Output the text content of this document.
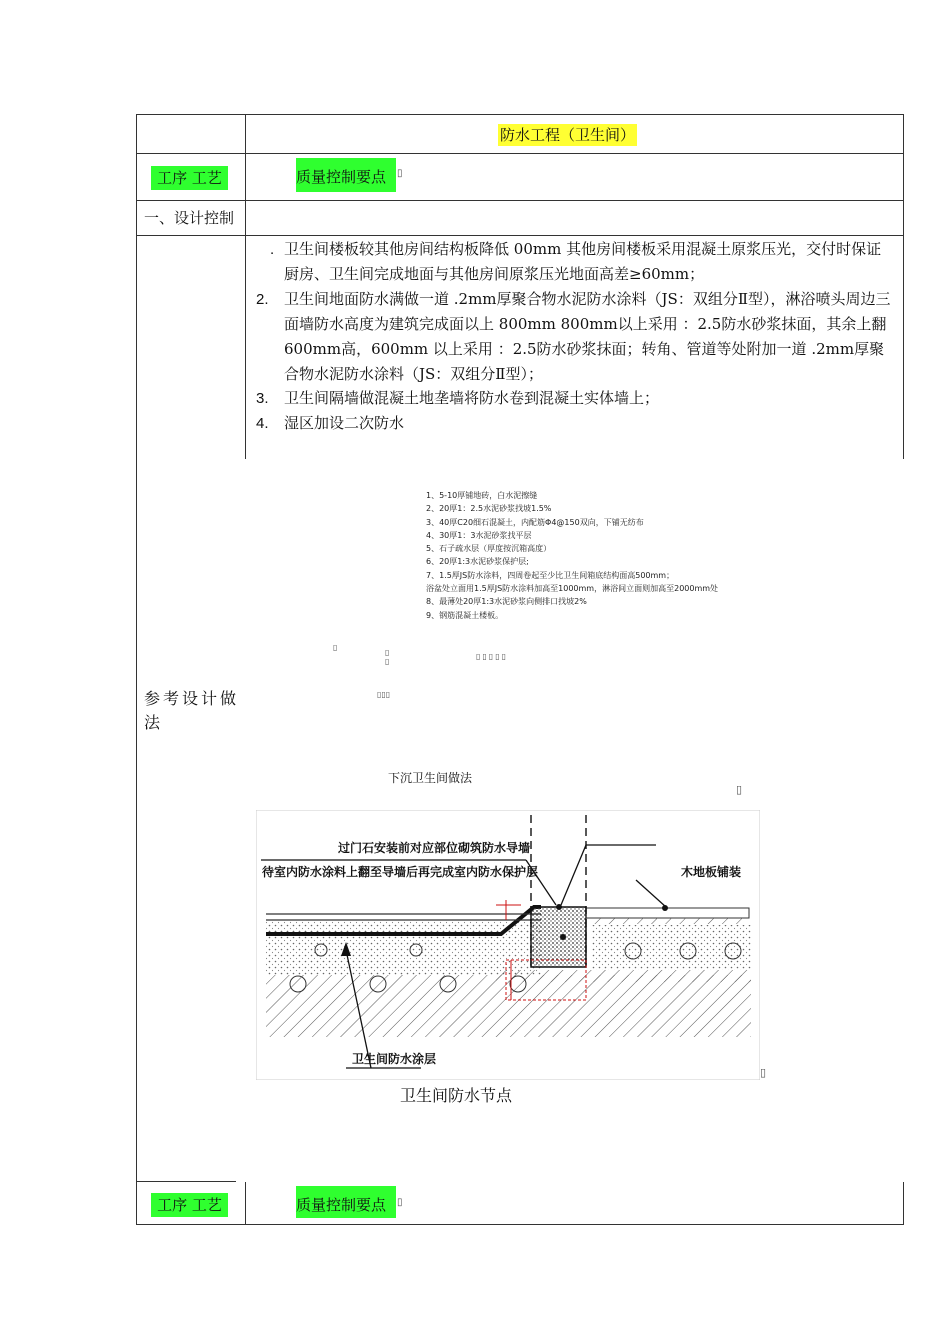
防水工程（卫生间）
工序 工艺	质量控制要点	▯
一、设计控制
. 卫生间楼板较其他房间结构板降低 00mm 其他房间楼板采用混凝土原浆压光，交付时保证厨房、卫生间完成地面与其他房间原浆压光地面高差≥60mm；
2. 卫生间地面防水满做一道 .2mm厚聚合物水泥防水涂料（JS：双组分Ⅱ型），淋浴喷头周边三面墙防水高度为建筑完成面以上 800mm 800mm以上采用 ：2.5防水砂浆抹面，其余上翻600mm高，600mm 以上采用 ：2.5防水砂浆抹面；转角、管道等处附加一道 .2mm厚聚合物水泥防水涂料（JS：双组分Ⅱ型）；
3. 卫生间隔墙做混凝土地垄墙将防水卷到混凝土实体墙上；
4. 湿区加设二次防水
1、5-10厚铺地砖，白水泥擦缝
2、20厚1：2.5水泥砂浆找坡1.5%
3、40厚C20细石混凝土，内配筋Φ4@150双向，下铺无纺布
4、30厚1：3水泥砂浆找平层
5、石子疏水层（厚度按沉箱高度）
6、20厚1:3水泥砂浆保护层;
7、1.5厚JS防水涂料，四周卷起至少比卫生间箱底结构面高500mm；
浴盆处立面用1.5厚JS防水涂料加高至1000mm，淋浴间立面则加高至2000mm处
8、最薄处20厚1:3水泥砂浆向侧排口找坡2%
9、钢筋混凝土楼板。
▯
▯
▯
▯▯▯▯▯
▯▯▯
参考设计做法
下沉卫生间做法
▯
过门石安装前对应部位砌筑防水导墙
待室内防水涂料上翻至导墙后再完成室内防水保护层	木地板铺装
卫生间防水涂层
▯
卫生间防水节点
工序 工艺	质量控制要点	▯
